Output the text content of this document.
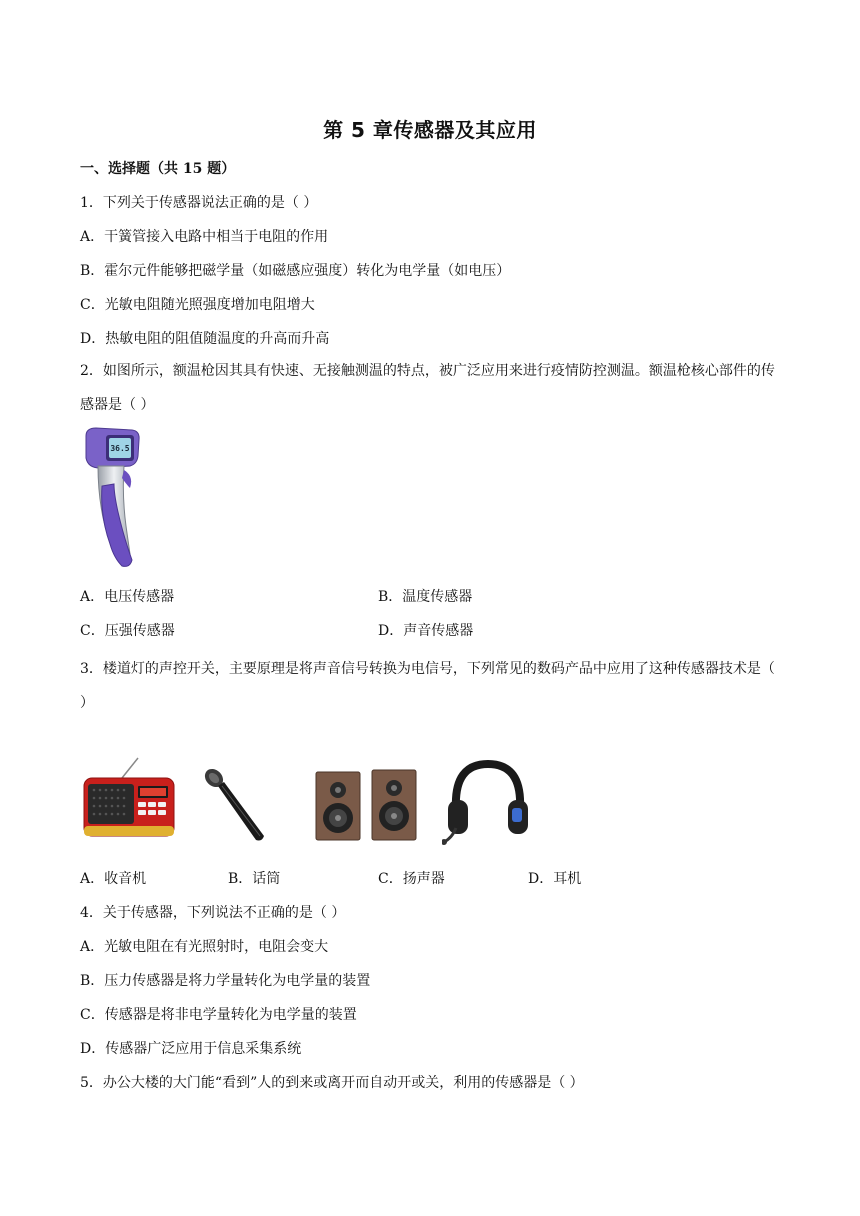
第 5 章传感器及其应用
一、选择题（共 15 题）
1．下列关于传感器说法正确的是（ ）
A．干簧管接入电路中相当于电阻的作用
B．霍尔元件能够把磁学量（如磁感应强度）转化为电学量（如电压）
C．光敏电阻随光照强度增加电阻增大
D．热敏电阻的阻值随温度的升高而升高
2．如图所示，额温枪因其具有快速、无接触测温的特点，被广泛应用来进行疫情防控测温。额温枪核心部件的传感器是（ ）
36.5
A．电压传感器	B．温度传感器
C．压强传感器	D．声音传感器
3．楼道灯的声控开关，主要原理是将声音信号转换为电信号，下列常见的数码产品中应用了这种传感器技术是（ ）
A．收音机	B．话筒	C．扬声器	D．耳机
4．关于传感器，下列说法不正确的是（ ）
A．光敏电阻在有光照射时，电阻会变大
B．压力传感器是将力学量转化为电学量的装置
C．传感器是将非电学量转化为电学量的装置
D．传感器广泛应用于信息采集系统
5．办公大楼的大门能“看到”人的到来或离开而自动开或关，利用的传感器是（ ）
